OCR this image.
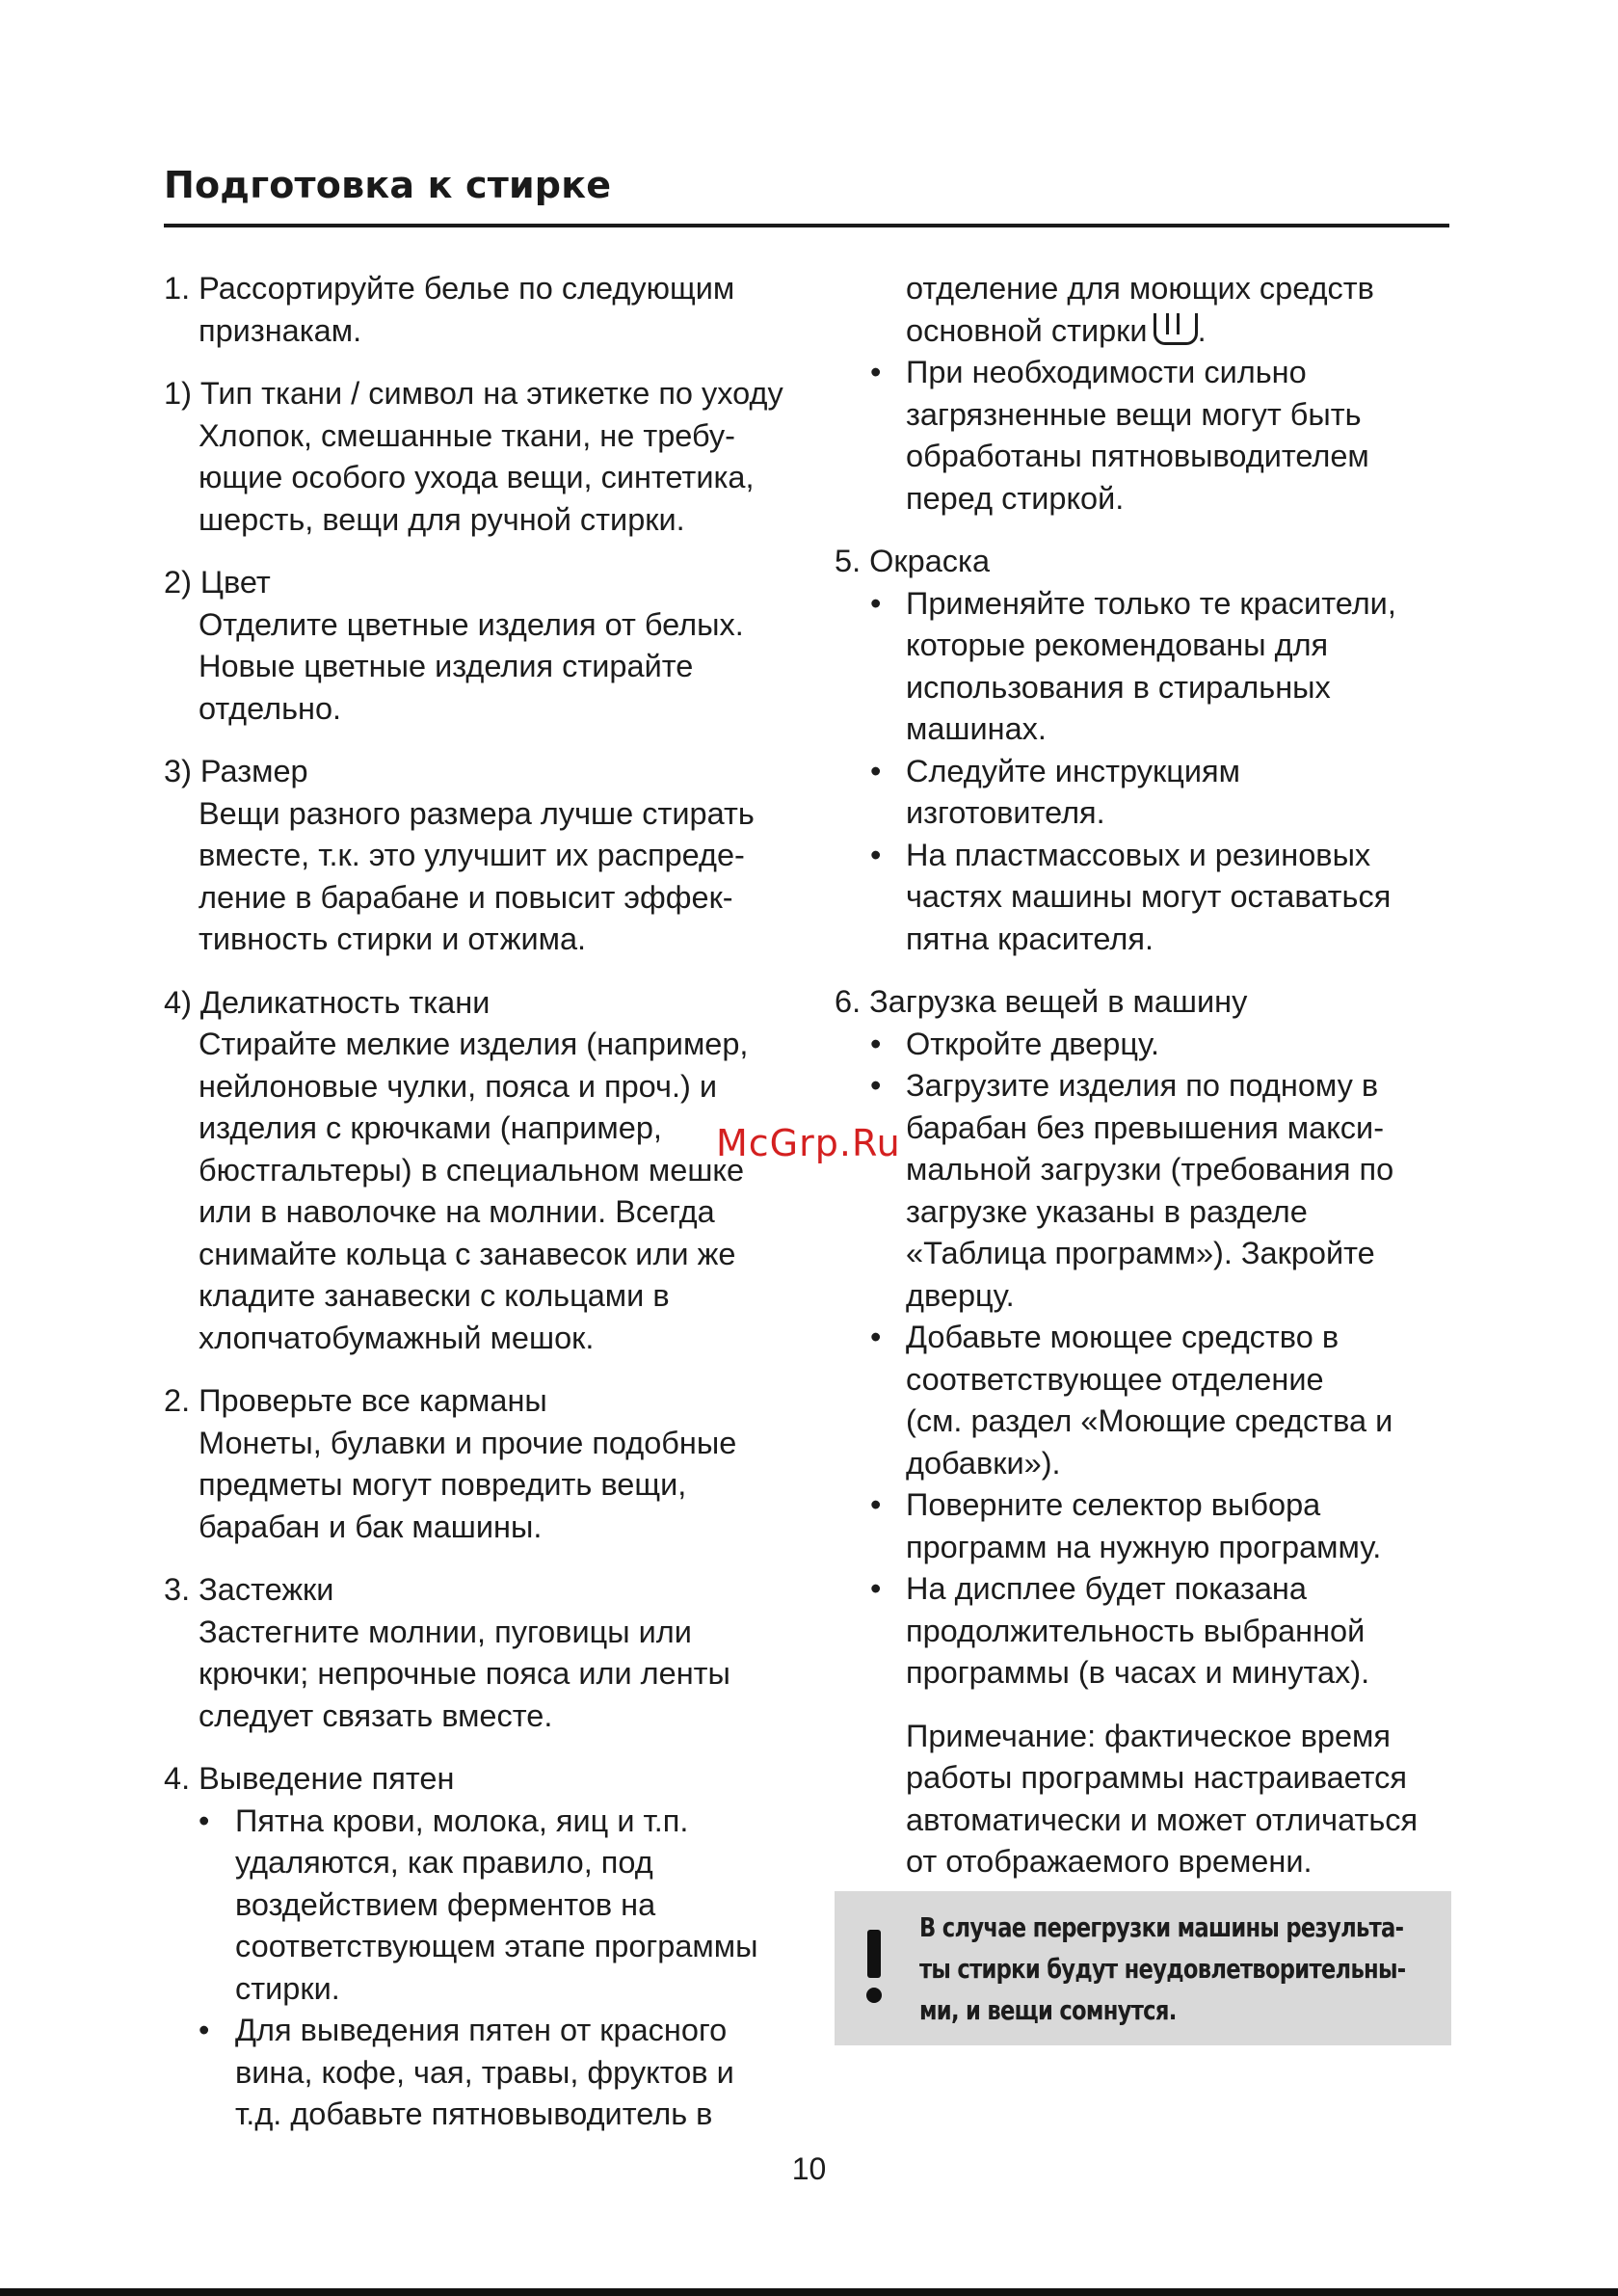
Подготовка к стирке
1. Рассортируйте белье по следующим
признакам.
1) Тип ткани / символ на этикетке по уходу
Хлопок, смешанные ткани, не требу-
ющие особого ухода вещи, синтетика,
шерсть, вещи для ручной стирки.
2) Цвет
Отделите цветные изделия от белых.
Новые цветные изделия стирайте
отдельно.
3) Размер
Вещи разного размера лучше стирать
вместе, т.к. это улучшит их распреде-
ление в барабане и повысит эффек-
тивность стирки и отжима.
4) Деликатность ткани
Стирайте мелкие изделия (например,
нейлоновые чулки, пояса и проч.) и
изделия с крючками (например,
бюстгальтеры) в специальном мешке
или в наволочке на молнии. Всегда
снимайте кольца с занавесок или же
кладите занавески с кольцами в
хлопчатобумажный мешок.
2. Проверьте все карманы
Монеты, булавки и прочие подобные
предметы могут повредить вещи,
барабан и бак машины.
3. Застежки
Застегните молнии, пуговицы или
крючки; непрочные пояса или ленты
следует связать вместе.
4. Выведение пятен
• Пятна крови, молока, яиц и т.п.
удаляются, как правило, под
воздействием ферментов на
соответствующем этапе программы
стирки.
• Для выведения пятен от красного
вина, кофе, чая, травы, фруктов и
т.д. добавьте пятновыводитель в
отделение для моющих средств
основной стирки .
• При необходимости сильно
загрязненные вещи могут быть
обработаны пятновыводителем
перед стиркой.
5. Окраска
• Применяйте только те красители,
которые рекомендованы для
использования в стиральных
машинах.
• Следуйте инструкциям
изготовителя.
• На пластмассовых и резиновых
частях машины могут оставаться
пятна красителя.
6. Загрузка вещей в машину
• Откройте дверцу.
• Загрузите изделия по подному в
барабан без превышения макси-
мальной загрузки (требования по
загрузке указаны в разделе
«Таблица программ»). Закройте
дверцу.
• Добавьте моющее средство в
соответствующее отделение
(см. раздел «Моющие средства и
добавки»).
• Поверните селектор выбора
программ на нужную программу.
• На дисплее будет показана
продолжительность выбранной
программы (в часах и минутах).
Примечание: фактическое время
работы программы настраивается
автоматически и может отличаться
от отображаемого времени.
В случае перегрузки машины результа-
ты стирки будут неудовлетворительны-
ми, и вещи сомнутся.
McGrp.Ru
10
